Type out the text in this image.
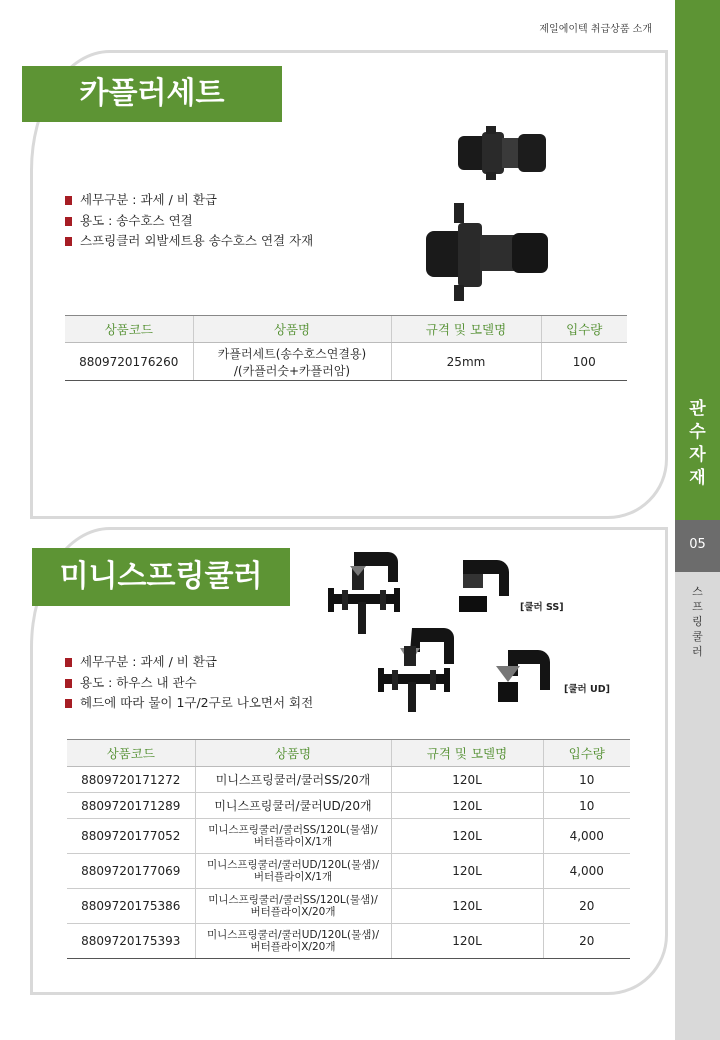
제일에이텍 취급상품 소개
관
수
자
재
05
스
프
링
쿨
러
카플러세트
세무구분 : 과세 / 비 환급
용도 : 송수호스 연결
스프링클러 외발세트용 송수호스 연결 자재
상품코드	상품명	규격 및 모델명	입수량
8809720176260	카플러세트(송수호스연결용)
/(카플러숫+카플러암)	25mm	100
미니스프링쿨러
[쿨러 SS]
[쿨러 UD]
세무구분 : 과세 / 비 환급
용도 : 하우스 내 관수
헤드에 따라 물이 1구/2구로 나오면서 회전
상품코드	상품명	규격 및 모델명	입수량
8809720171272	미니스프링쿨러/쿨러SS/20개	120L	10
8809720171289	미니스프링쿨러/쿨러UD/20개	120L	10
8809720177052	미니스프링쿨러/쿨러SS/120L(물샘)/
버터플라이X/1개	120L	4,000
8809720177069	미니스프링쿨러/쿨러UD/120L(물샘)/
버터플라이X/1개	120L	4,000
8809720175386	미니스프링쿨러/쿨러SS/120L(물샘)/
버터플라이X/20개	120L	20
8809720175393	미니스프링쿨러/쿨러UD/120L(물샘)/
버터플라이X/20개	120L	20
